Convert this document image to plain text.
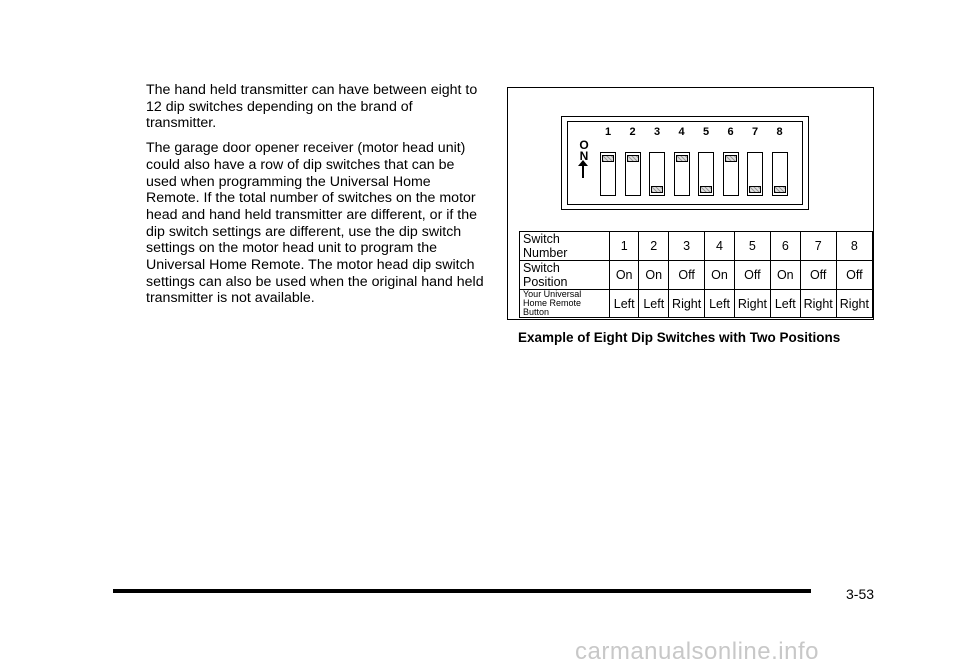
The hand held transmitter can have between eight to 12 dip switches depending on the brand of transmitter.

The garage door opener receiver (motor head unit) could also have a row of dip switches that can be used when programming the Universal Home Remote. If the total number of switches on the motor head and hand held transmitter are different, or if the dip switch settings are different, use the dip switch settings on the motor head unit to program the Universal Home Remote. The motor head dip switch settings can also be used when the original hand held transmitter is not available.

O
N
1	2	3	4	5	6	7	8
Switch Number	1	2	3	4	5	6	7	8
Switch Position	On	On	Off	On	Off	On	Off	Off
Your Universal Home Remote Button	Left	Left	Right	Left	Right	Left	Right	Right
Example of Eight Dip Switches with Two Positions
3-53
carmanualsonline.info
